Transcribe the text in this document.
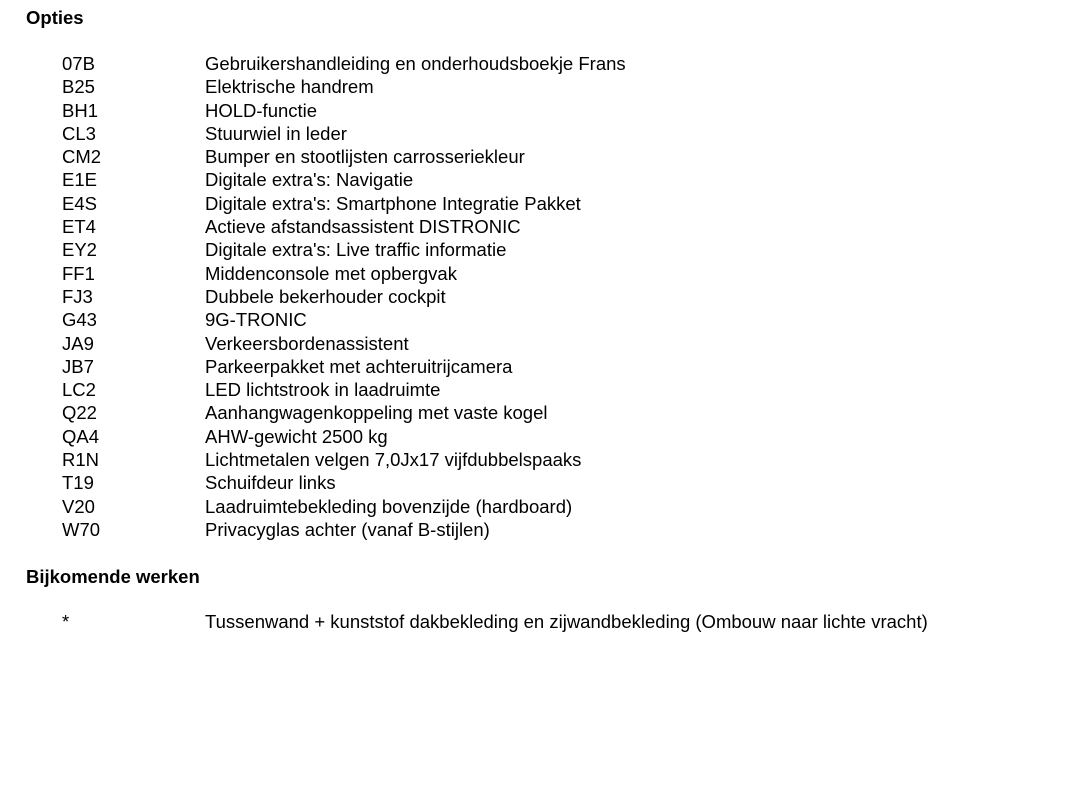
Opties
07B	Gebruikershandleiding en onderhoudsboekje Frans
B25	Elektrische handrem
BH1	HOLD-functie
CL3	Stuurwiel in leder
CM2	Bumper en stootlijsten carrosseriekleur
E1E	Digitale extra's: Navigatie
E4S	Digitale extra's: Smartphone Integratie Pakket
ET4	Actieve afstandsassistent DISTRONIC
EY2	Digitale extra's: Live traffic informatie
FF1	Middenconsole met opbergvak
FJ3	Dubbele bekerhouder cockpit
G43	9G-TRONIC
JA9	Verkeersbordenassistent
JB7	Parkeerpakket met achteruitrijcamera
LC2	LED lichtstrook in laadruimte
Q22	Aanhangwagenkoppeling met vaste kogel
QA4	AHW-gewicht 2500 kg
R1N	Lichtmetalen velgen 7,0Jx17 vijfdubbelspaaks
T19	Schuifdeur links
V20	Laadruimtebekleding bovenzijde (hardboard)
W70	Privacyglas achter (vanaf B-stijlen)
Bijkomende werken
*	Tussenwand + kunststof dakbekleding en zijwandbekleding (Ombouw naar lichte vracht)
